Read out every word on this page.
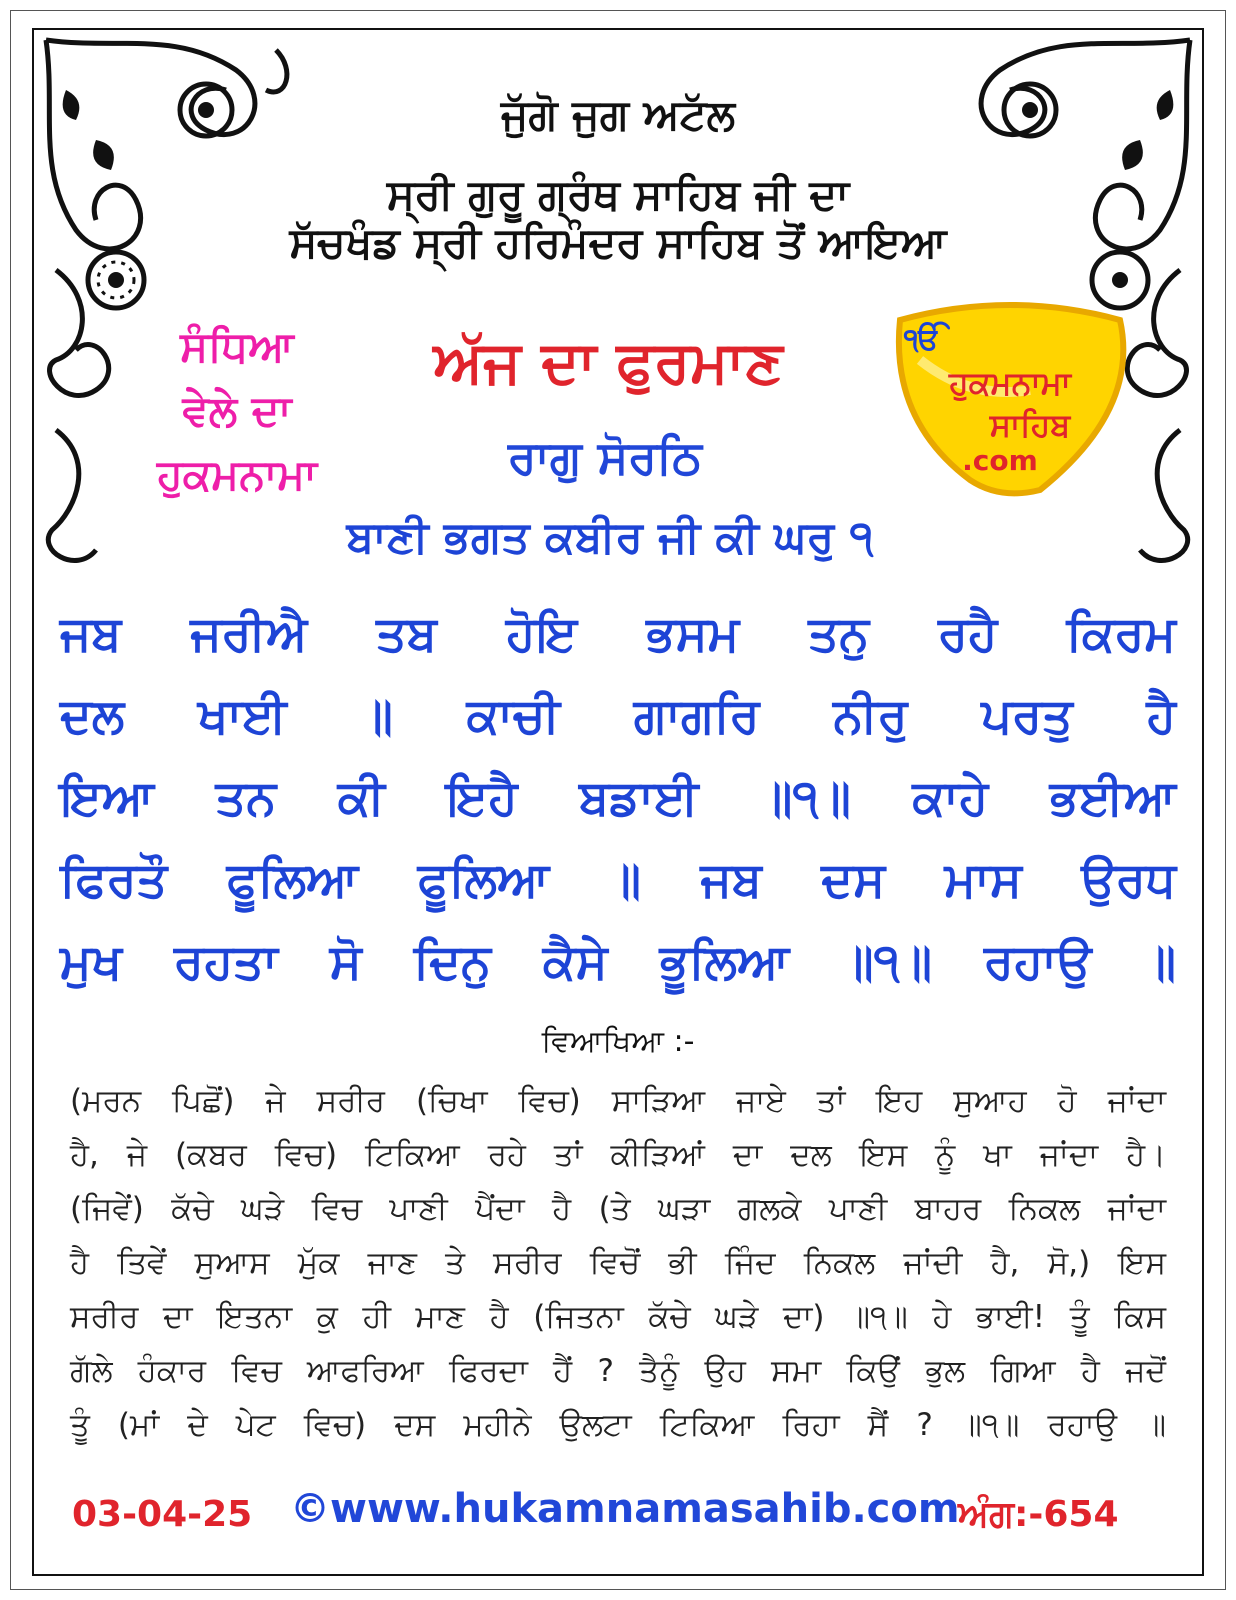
ਜੁੱਗੋ ਜੁਗ ਅਟੱਲ
ਸ੍ਰੀ ਗੁਰੂ ਗ੍ਰੰਥ ਸਾਹਿਬ ਜੀ ਦਾ
ਸੱਚਖੰਡ ਸ੍ਰੀ ਹਰਿਮੰਦਰ ਸਾਹਿਬ ਤੋਂ ਆਇਆ
ਸੰਧਿਆ
ਵੇਲੇ ਦਾ
ਹੁਕਮਨਾਮਾ
ਅੱਜ ਦਾ ਫੁਰਮਾਣ
ਰਾਗੁ ਸੋਰਠਿ
ੴ
ਹੁਕਮਨਾਮਾ
ਸਾਹਿਬ
.com
ਬਾਣੀ ਭਗਤ ਕਬੀਰ ਜੀ ਕੀ ਘਰੁ ੧
ਜਬ ਜਰੀਐ ਤਬ ਹੋਇ ਭਸਮ ਤਨੁ ਰਹੈ ਕਿਰਮ
ਦਲ ਖਾਈ ॥ ਕਾਚੀ ਗਾਗਰਿ ਨੀਰੁ ਪਰਤੁ ਹੈ
ਇਆ ਤਨ ਕੀ ਇਹੈ ਬਡਾਈ ॥੧॥ ਕਾਹੇ ਭਈਆ
ਫਿਰਤੌ ਫੂਲਿਆ ਫੂਲਿਆ ॥ ਜਬ ਦਸ ਮਾਸ ਉਰਧ
ਮੁਖ ਰਹਤਾ ਸੋ ਦਿਨੁ ਕੈਸੇ ਭੂਲਿਆ ॥੧॥ ਰਹਾਉ ॥
ਵਿਆਖਿਆ :-
(ਮਰਨ ਪਿਛੋਂ) ਜੇ ਸਰੀਰ (ਚਿਖਾ ਵਿਚ) ਸਾੜਿਆ ਜਾਏ ਤਾਂ ਇਹ ਸੁਆਹ ਹੋ ਜਾਂਦਾ
ਹੈ, ਜੇ (ਕਬਰ ਵਿਚ) ਟਿਕਿਆ ਰਹੇ ਤਾਂ ਕੀੜਿਆਂ ਦਾ ਦਲ ਇਸ ਨੂੰ ਖਾ ਜਾਂਦਾ ਹੈ।
(ਜਿਵੇਂ) ਕੱਚੇ ਘੜੇ ਵਿਚ ਪਾਣੀ ਪੈਂਦਾ ਹੈ (ਤੇ ਘੜਾ ਗਲਕੇ ਪਾਣੀ ਬਾਹਰ ਨਿਕਲ ਜਾਂਦਾ
ਹੈ ਤਿਵੇਂ ਸੁਆਸ ਮੁੱਕ ਜਾਣ ਤੇ ਸਰੀਰ ਵਿਚੋਂ ਭੀ ਜਿੰਦ ਨਿਕਲ ਜਾਂਦੀ ਹੈ, ਸੋ,) ਇਸ
ਸਰੀਰ ਦਾ ਇਤਨਾ ਕੁ ਹੀ ਮਾਣ ਹੈ (ਜਿਤਨਾ ਕੱਚੇ ਘੜੇ ਦਾ) ॥੧॥ ਹੇ ਭਾਈ! ਤੂੰ ਕਿਸ
ਗੱਲੇ ਹੰਕਾਰ ਵਿਚ ਆਫਰਿਆ ਫਿਰਦਾ ਹੈਂ ? ਤੈਨੂੰ ਉਹ ਸਮਾ ਕਿਉਂ ਭੁਲ ਗਿਆ ਹੈ ਜਦੋਂ
ਤੂੰ (ਮਾਂ ਦੇ ਪੇਟ ਵਿਚ) ਦਸ ਮਹੀਨੇ ਉਲਟਾ ਟਿਕਿਆ ਰਿਹਾ ਸੈਂ ? ॥੧॥ ਰਹਾਉ ॥
03-04-25 ©www.hukamnamasahib.com
ਅੰਗ:-654
